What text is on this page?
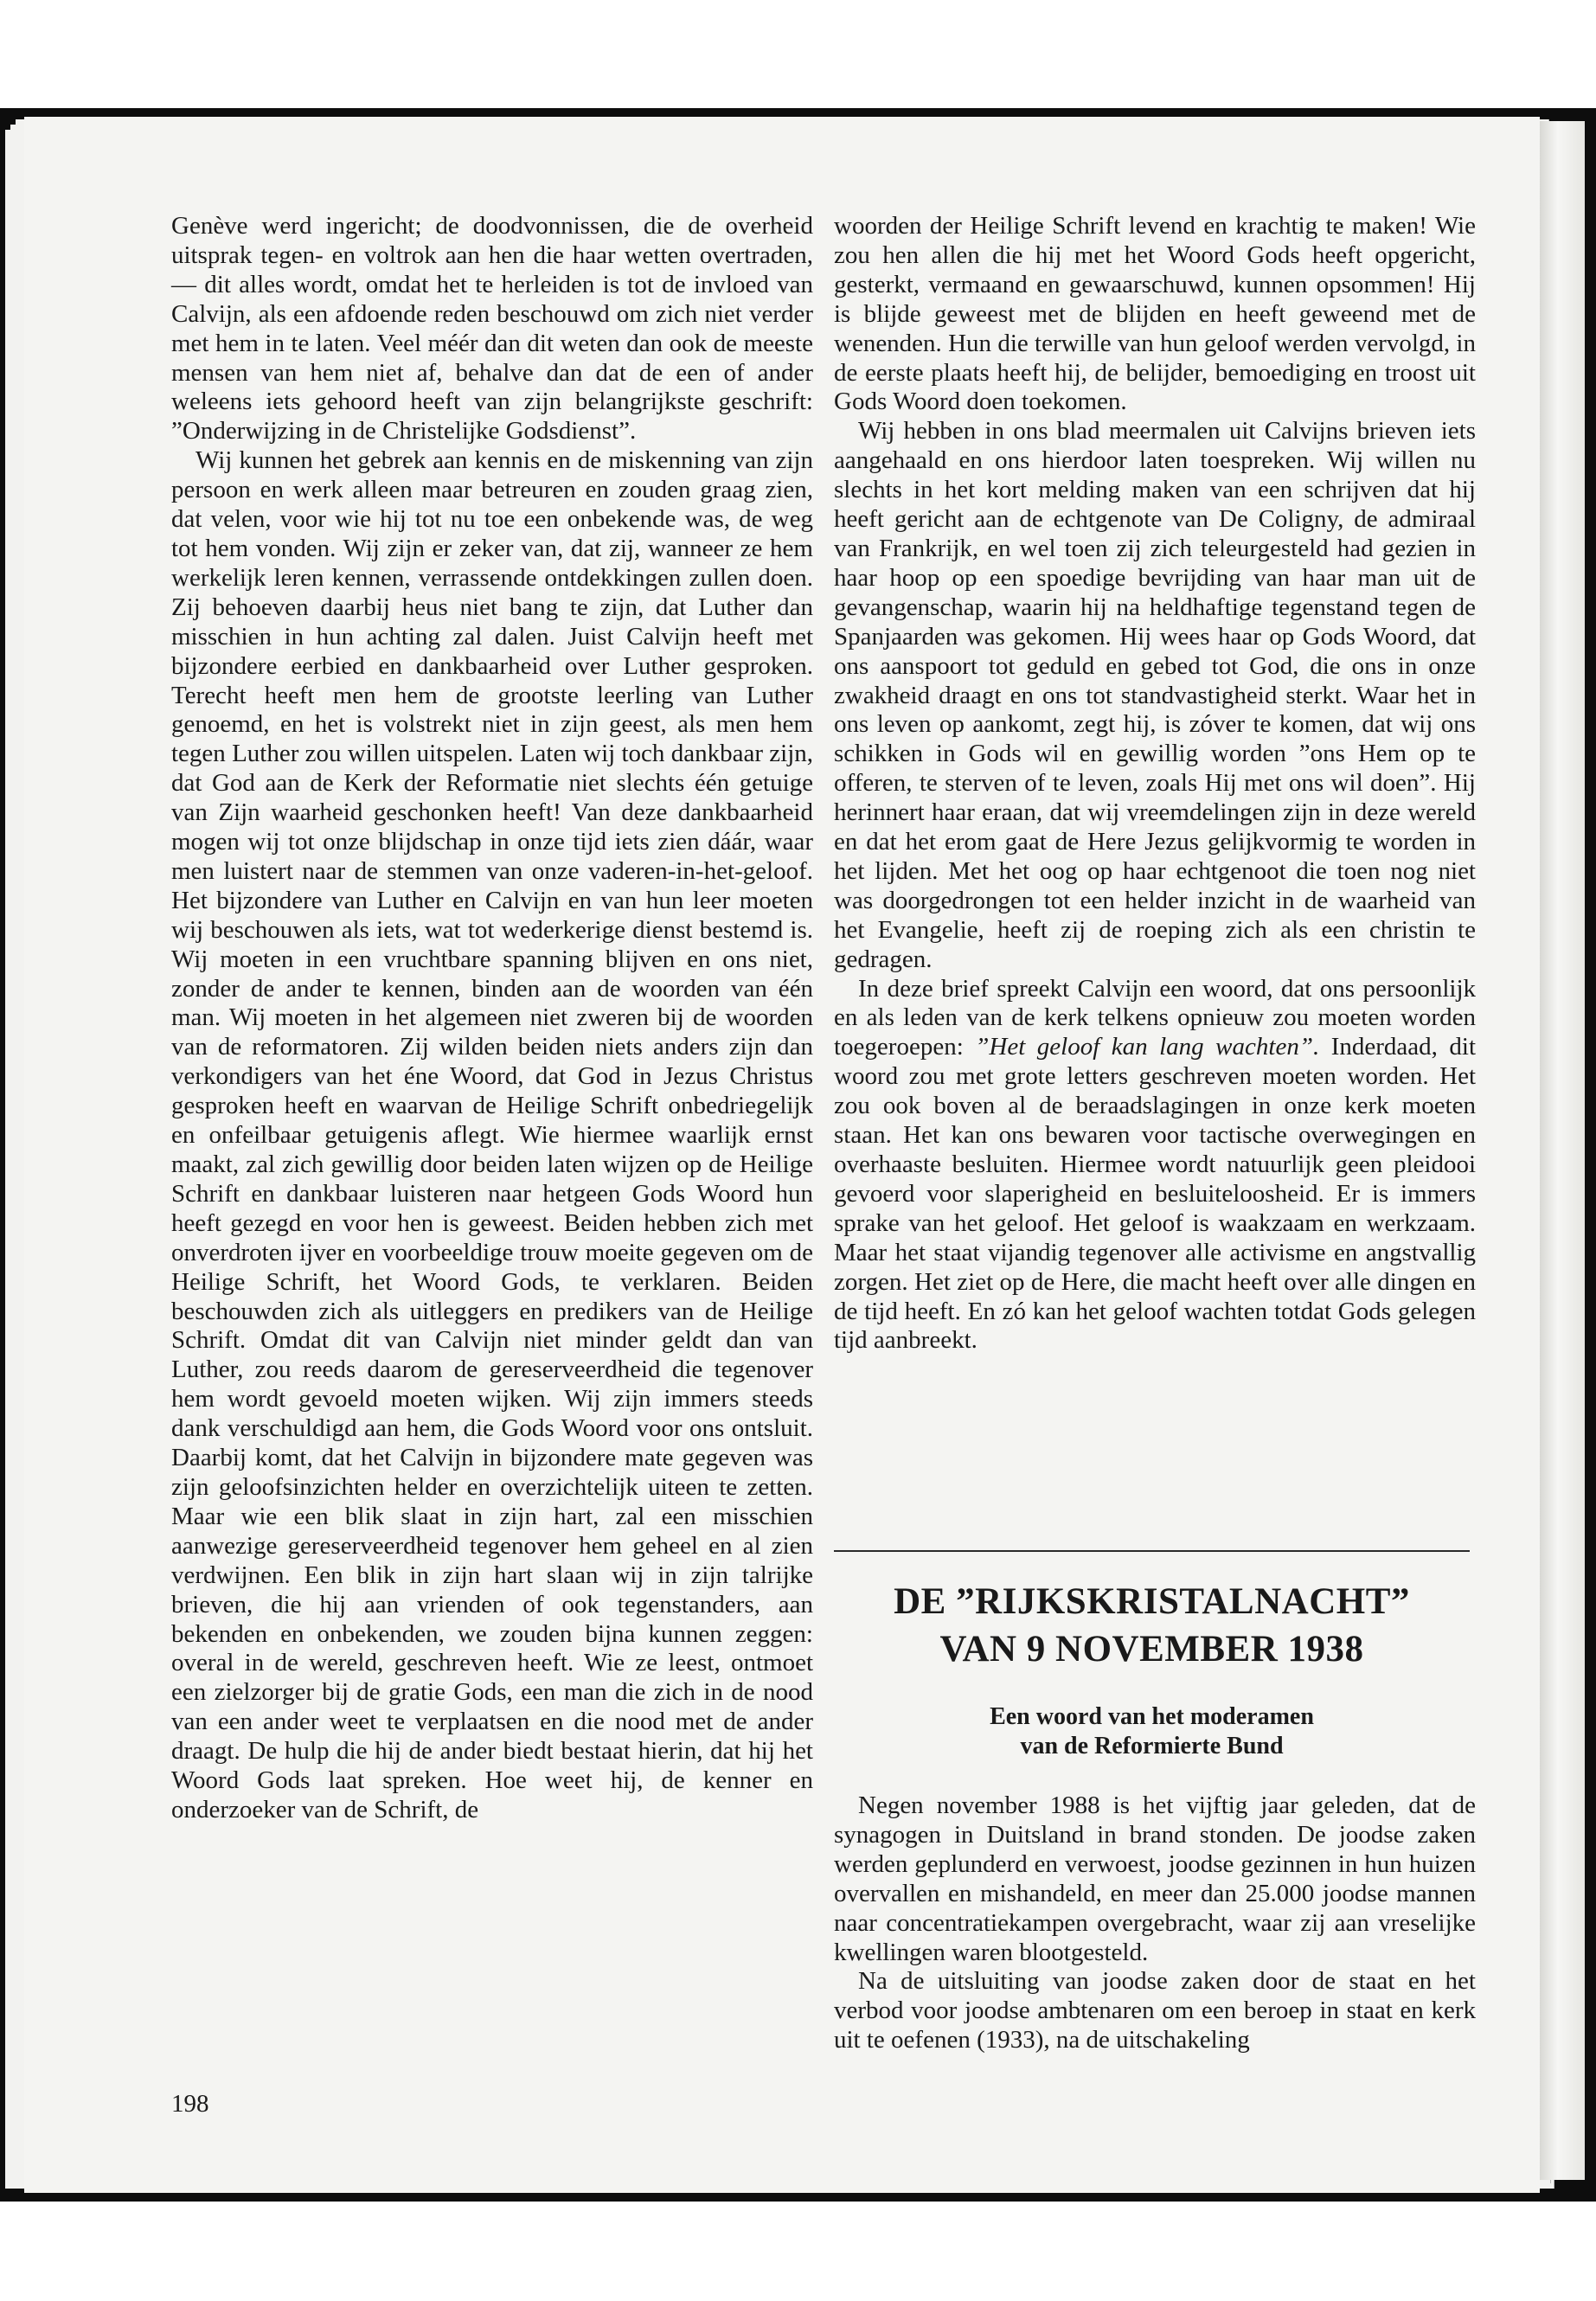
Genève werd ingericht; de doodvonnissen, die de overheid uitsprak tegen- en voltrok aan hen die haar wetten overtraden, — dit alles wordt, omdat het te herleiden is tot de invloed van Calvijn, als een afdoende reden beschouwd om zich niet verder met hem in te laten. Veel méér dan dit weten dan ook de meeste mensen van hem niet af, behalve dan dat de een of ander weleens iets gehoord heeft van zijn belangrijkste geschrift: ”Onderwijzing in de Christelijke Godsdienst”.

Wij kunnen het gebrek aan kennis en de miskenning van zijn persoon en werk alleen maar betreuren en zouden graag zien, dat velen, voor wie hij tot nu toe een onbekende was, de weg tot hem vonden. Wij zijn er zeker van, dat zij, wanneer ze hem werkelijk leren kennen, verrassende ontdekkingen zullen doen. Zij behoeven daarbij heus niet bang te zijn, dat Luther dan misschien in hun achting zal dalen. Juist Calvijn heeft met bijzondere eerbied en dankbaarheid over Luther gesproken. Terecht heeft men hem de grootste leerling van Luther genoemd, en het is volstrekt niet in zijn geest, als men hem tegen Luther zou willen uitspelen. Laten wij toch dankbaar zijn, dat God aan de Kerk der Reformatie niet slechts één getuige van Zijn waarheid geschonken heeft! Van deze dankbaarheid mogen wij tot onze blijdschap in onze tijd iets zien dáár, waar men luistert naar de stemmen van onze vaderen-in-het-geloof. Het bijzondere van Luther en Calvijn en van hun leer moeten wij beschouwen als iets, wat tot wederkerige dienst bestemd is. Wij moeten in een vruchtbare spanning blijven en ons niet, zonder de ander te kennen, binden aan de woorden van één man. Wij moeten in het algemeen niet zweren bij de woorden van de reformatoren. Zij wilden beiden niets anders zijn dan verkondigers van het éne Woord, dat God in Jezus Christus gesproken heeft en waarvan de Heilige Schrift onbedriegelijk en onfeilbaar getuigenis aflegt. Wie hiermee waarlijk ernst maakt, zal zich gewillig door beiden laten wijzen op de Heilige Schrift en dankbaar luisteren naar hetgeen Gods Woord hun heeft gezegd en voor hen is geweest. Beiden hebben zich met onverdroten ijver en voorbeeldige trouw moeite gegeven om de Heilige Schrift, het Woord Gods, te verklaren. Beiden beschouwden zich als uitleggers en predikers van de Heilige Schrift. Omdat dit van Calvijn niet minder geldt dan van Luther, zou reeds daarom de gereserveerdheid die tegenover hem wordt gevoeld moeten wijken. Wij zijn immers steeds dank verschuldigd aan hem, die Gods Woord voor ons ontsluit. Daarbij komt, dat het Calvijn in bijzondere mate gegeven was zijn geloofsinzichten helder en overzichtelijk uiteen te zetten. Maar wie een blik slaat in zijn hart, zal een misschien aanwezige gereserveerdheid tegenover hem geheel en al zien verdwijnen. Een blik in zijn hart slaan wij in zijn talrijke brieven, die hij aan vrienden of ook tegenstanders, aan bekenden en onbekenden, we zouden bijna kunnen zeggen: overal in de wereld, geschreven heeft. Wie ze leest, ontmoet een zielzorger bij de gratie Gods, een man die zich in de nood van een ander weet te verplaatsen en die nood met de ander draagt. De hulp die hij de ander biedt bestaat hierin, dat hij het Woord Gods laat spreken. Hoe weet hij, de kenner en onderzoeker van de Schrift, de

198

woorden der Heilige Schrift levend en krachtig te maken! Wie zou hen allen die hij met het Woord Gods heeft opgericht, gesterkt, vermaand en gewaarschuwd, kunnen opsommen! Hij is blijde geweest met de blijden en heeft geweend met de wenenden. Hun die terwille van hun geloof werden vervolgd, in de eerste plaats heeft hij, de belijder, bemoediging en troost uit Gods Woord doen toekomen.

Wij hebben in ons blad meermalen uit Calvijns brieven iets aangehaald en ons hierdoor laten toespreken. Wij willen nu slechts in het kort melding maken van een schrijven dat hij heeft gericht aan de echtgenote van De Coligny, de admiraal van Frankrijk, en wel toen zij zich teleurgesteld had gezien in haar hoop op een spoedige bevrijding van haar man uit de gevangenschap, waarin hij na heldhaftige tegenstand tegen de Spanjaarden was gekomen. Hij wees haar op Gods Woord, dat ons aanspoort tot geduld en gebed tot God, die ons in onze zwakheid draagt en ons tot standvastigheid sterkt. Waar het in ons leven op aankomt, zegt hij, is zóver te komen, dat wij ons schikken in Gods wil en gewillig worden ”ons Hem op te offeren, te sterven of te leven, zoals Hij met ons wil doen”. Hij herinnert haar eraan, dat wij vreemdelingen zijn in deze wereld en dat het erom gaat de Here Jezus gelijkvormig te worden in het lijden. Met het oog op haar echtgenoot die toen nog niet was doorgedrongen tot een helder inzicht in de waarheid van het Evangelie, heeft zij de roeping zich als een christin te gedragen.

In deze brief spreekt Calvijn een woord, dat ons persoonlijk en als leden van de kerk telkens opnieuw zou moeten worden toegeroepen: ”Het geloof kan lang wachten”. Inderdaad, dit woord zou met grote letters geschreven moeten worden. Het zou ook boven al de beraadslagingen in onze kerk moeten staan. Het kan ons bewaren voor tactische overwegingen en overhaaste besluiten. Hiermee wordt natuurlijk geen pleidooi gevoerd voor slaperigheid en besluiteloosheid. Er is immers sprake van het geloof. Het geloof is waakzaam en werkzaam. Maar het staat vijandig tegenover alle activisme en angstvallig zorgen. Het ziet op de Here, die macht heeft over alle dingen en de tijd heeft. En zó kan het geloof wachten totdat Gods gelegen tijd aanbreekt.

DE ”RIJKSKRISTALNACHT”
VAN 9 NOVEMBER 1938
Een woord van het moderamen
van de Reformierte Bund

Negen november 1988 is het vijftig jaar geleden, dat de synagogen in Duitsland in brand stonden. De joodse zaken werden geplunderd en verwoest, joodse gezinnen in hun huizen overvallen en mishandeld, en meer dan 25.000 joodse mannen naar concentratiekampen overgebracht, waar zij aan vreselijke kwellingen waren blootgesteld.

Na de uitsluiting van joodse zaken door de staat en het verbod voor joodse ambtenaren om een beroep in staat en kerk uit te oefenen (1933), na de uitschakeling
